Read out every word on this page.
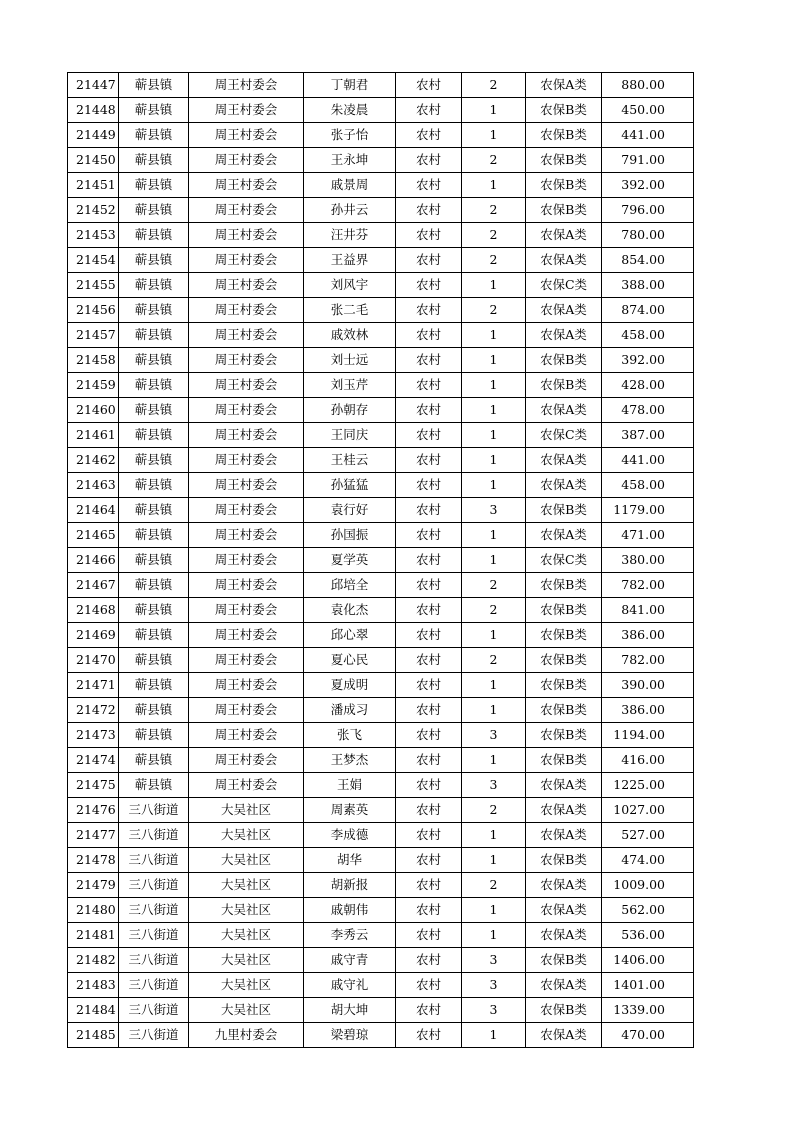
21447	蕲县镇	周王村委会	丁朝君	农村	2	农保A类	880.00
21448	蕲县镇	周王村委会	朱凌晨	农村	1	农保B类	450.00
21449	蕲县镇	周王村委会	张子怡	农村	1	农保B类	441.00
21450	蕲县镇	周王村委会	王永坤	农村	2	农保B类	791.00
21451	蕲县镇	周王村委会	戚景周	农村	1	农保B类	392.00
21452	蕲县镇	周王村委会	孙井云	农村	2	农保B类	796.00
21453	蕲县镇	周王村委会	汪井芬	农村	2	农保A类	780.00
21454	蕲县镇	周王村委会	王益界	农村	2	农保A类	854.00
21455	蕲县镇	周王村委会	刘风宇	农村	1	农保C类	388.00
21456	蕲县镇	周王村委会	张二毛	农村	2	农保A类	874.00
21457	蕲县镇	周王村委会	戚效林	农村	1	农保A类	458.00
21458	蕲县镇	周王村委会	刘士远	农村	1	农保B类	392.00
21459	蕲县镇	周王村委会	刘玉芹	农村	1	农保B类	428.00
21460	蕲县镇	周王村委会	孙朝存	农村	1	农保A类	478.00
21461	蕲县镇	周王村委会	王同庆	农村	1	农保C类	387.00
21462	蕲县镇	周王村委会	王桂云	农村	1	农保A类	441.00
21463	蕲县镇	周王村委会	孙猛猛	农村	1	农保A类	458.00
21464	蕲县镇	周王村委会	袁行好	农村	3	农保B类	1179.00
21465	蕲县镇	周王村委会	孙国振	农村	1	农保A类	471.00
21466	蕲县镇	周王村委会	夏学英	农村	1	农保C类	380.00
21467	蕲县镇	周王村委会	邱培全	农村	2	农保B类	782.00
21468	蕲县镇	周王村委会	袁化杰	农村	2	农保B类	841.00
21469	蕲县镇	周王村委会	邱心翠	农村	1	农保B类	386.00
21470	蕲县镇	周王村委会	夏心民	农村	2	农保B类	782.00
21471	蕲县镇	周王村委会	夏成明	农村	1	农保B类	390.00
21472	蕲县镇	周王村委会	潘成习	农村	1	农保B类	386.00
21473	蕲县镇	周王村委会	张飞	农村	3	农保B类	1194.00
21474	蕲县镇	周王村委会	王梦杰	农村	1	农保B类	416.00
21475	蕲县镇	周王村委会	王娟	农村	3	农保A类	1225.00
21476	三八街道	大吴社区	周素英	农村	2	农保A类	1027.00
21477	三八街道	大吴社区	李成德	农村	1	农保A类	527.00
21478	三八街道	大吴社区	胡华	农村	1	农保B类	474.00
21479	三八街道	大吴社区	胡新报	农村	2	农保A类	1009.00
21480	三八街道	大吴社区	戚朝伟	农村	1	农保A类	562.00
21481	三八街道	大吴社区	李秀云	农村	1	农保A类	536.00
21482	三八街道	大吴社区	戚守青	农村	3	农保B类	1406.00
21483	三八街道	大吴社区	戚守礼	农村	3	农保A类	1401.00
21484	三八街道	大吴社区	胡大坤	农村	3	农保B类	1339.00
21485	三八街道	九里村委会	梁碧琼	农村	1	农保A类	470.00
